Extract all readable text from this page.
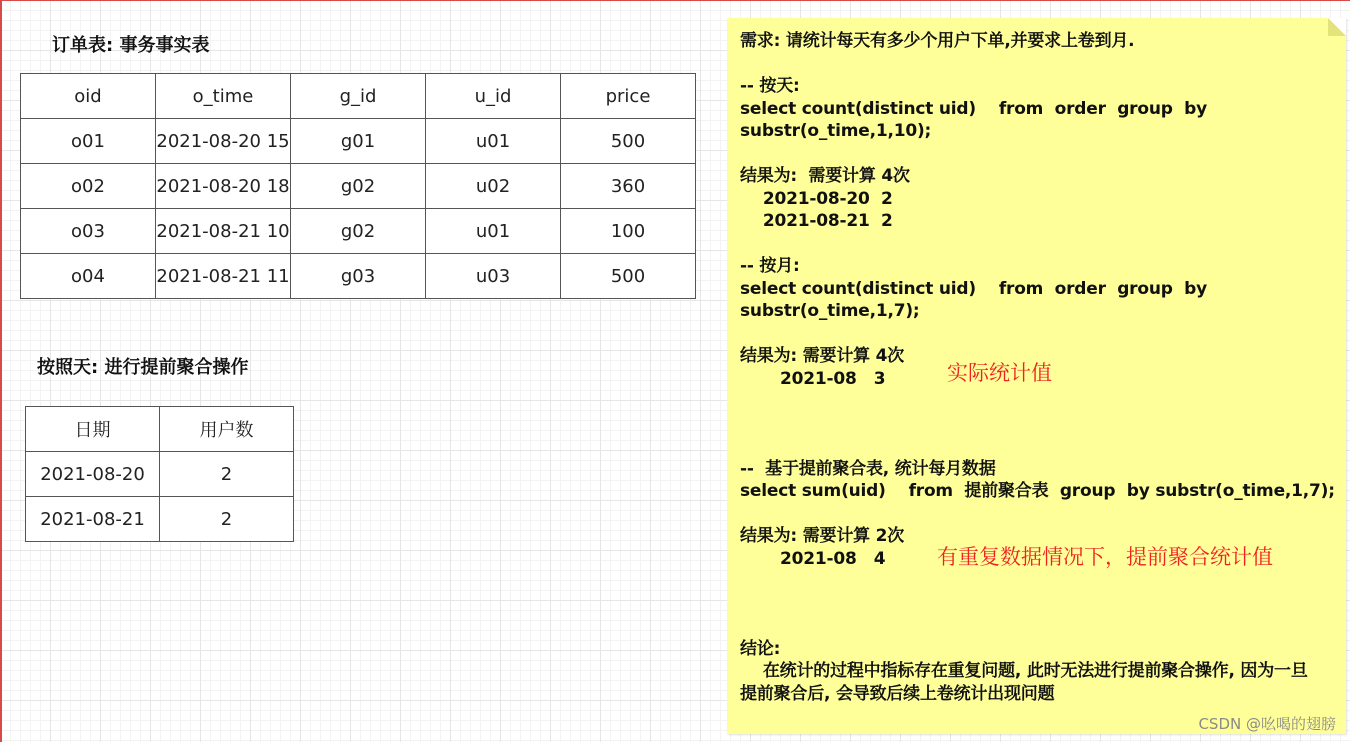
订单表: 事务事实表
oid	o_time	g_id	u_id	price
o01	2021-08-20 15	g01	u01	500
o02	2021-08-20 18	g02	u02	360
o03	2021-08-21 10	g02	u01	100
o04	2021-08-21 11	g03	u03	500
按照天: 进行提前聚合操作
日期	用户数
2021-08-20	2
2021-08-21	2
需求: 请统计每天有多少个用户下单,并要求上卷到月.

-- 按天:
select count(distinct uid)    from  order  group  by
substr(o_time,1,10);

结果为:  需要计算 4次
2021-08-20  2
2021-08-21  2

-- 按月:
select count(distinct uid)    from  order  group  by
substr(o_time,1,7);

结果为: 需要计算 4次
2021-08   3

--  基于提前聚合表, 统计每月数据
select sum(uid)    from  提前聚合表  group  by substr(o_time,1,7);

结果为: 需要计算 2次
2021-08   4

结论:
在统计的过程中指标存在重复问题, 此时无法进行提前聚合操作, 因为一旦
提前聚合后, 会导致后续上卷统计出现问题
实际统计值
有重复数据情况下，提前聚合统计值
CSDN @吆喝的翅膀
